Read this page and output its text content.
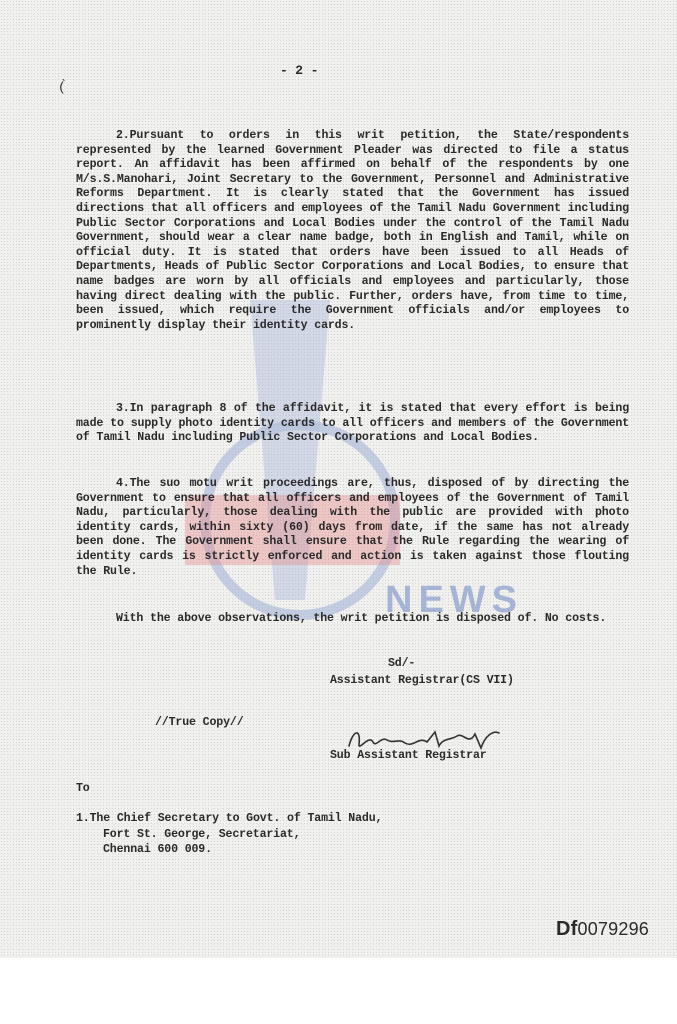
NEWS
- 2 -
(̀

2.Pursuant to orders in this writ petition, the State/respondents represented by the learned Government Pleader was directed to file a status report. An affidavit has been affirmed on behalf of the respondents by one M/s.S.Manohari, Joint Secretary to the Government, Personnel and Administrative Reforms Department. It is clearly stated that the Government has issued directions that all officers and employees of the Tamil Nadu Government including Public Sector Corporations and Local Bodies under the control of the Tamil Nadu Government, should wear a clear name badge, both in English and Tamil, while on official duty. It is stated that orders have been issued to all Heads of Departments, Heads of Public Sector Corporations and Local Bodies, to ensure that name badges are worn by all officials and employees and particularly, those having direct dealing with the public. Further, orders have, from time to time, been issued, which require the Government officials and/or employees to prominently display their identity cards.

3.In paragraph 8 of the affidavit, it is stated that every effort is being made to supply photo identity cards to all officers and members of the Government of Tamil Nadu including Public Sector Corporations and Local Bodies.

4.The suo motu writ proceedings are, thus, disposed of by directing the Government to ensure that all officers and employees of the Government of Tamil Nadu, particularly, those dealing with the public are provided with photo identity cards, within sixty (60) days from date, if the same has not already been done. The Government shall ensure that the Rule regarding the wearing of identity cards is strictly enforced and action is taken against those flouting the Rule.

With the above observations, the writ petition is disposed of. No costs.

Sd/-
Assistant Registrar(CS VII)
//True Copy//
Sub Assistant Registrar
To
1.The Chief Secretary to Govt. of Tamil Nadu,
Fort St. George, Secretariat,
Chennai 600 009.
Df0079296
